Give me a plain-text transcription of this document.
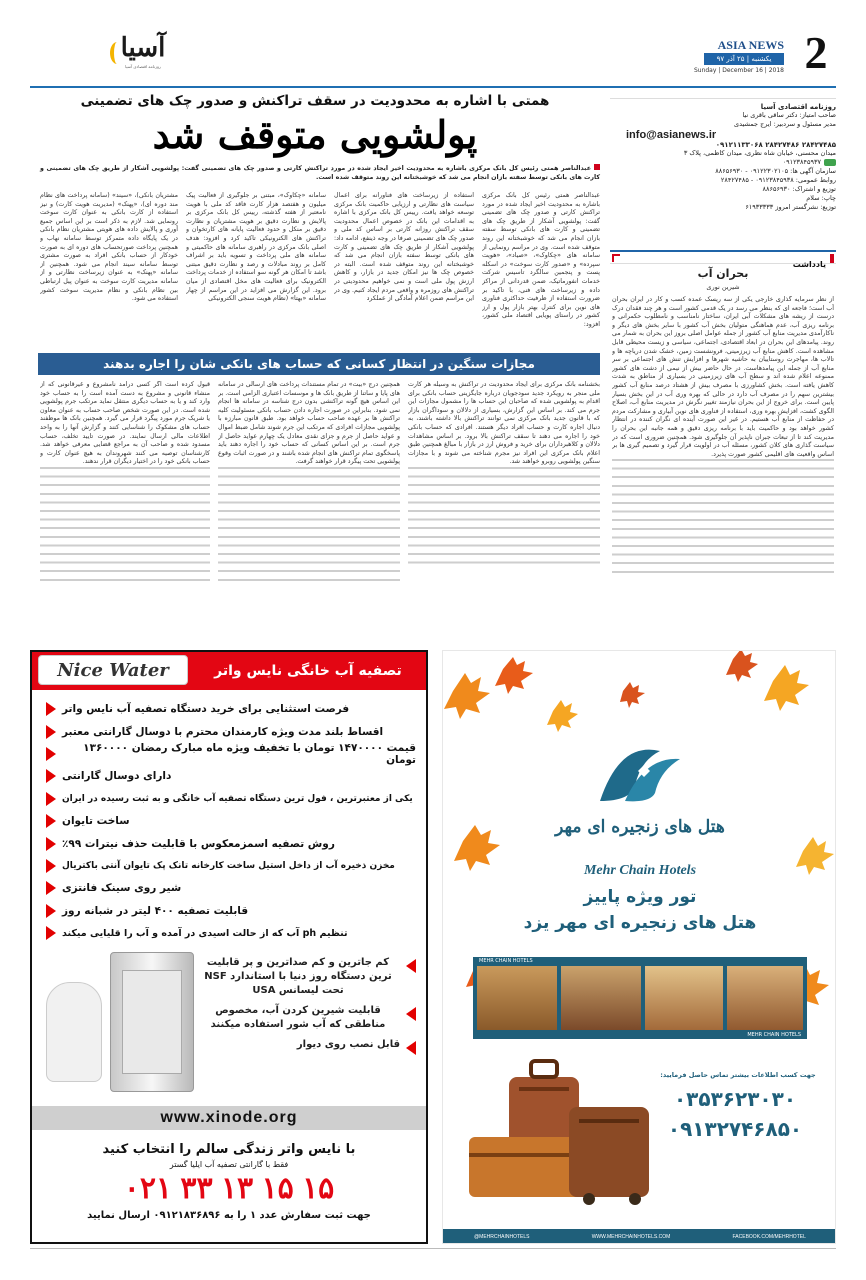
2
ASIA NEWS
یکشنبه | ۲۵ آذر ۹۷
Sunday | December 16 | 2018
آسیا
روزنامه اقتصادی آسیا
همتی با اشاره به محدودیت در سقف تراکنش و صدور چک های تضمینی
پولشویی متوقف شد
عبدالناصر همتی رئیس کل بانک مرکزی باشاره به محدودیت اخیر ایجاد شده در مورد تراکنش کارتی و صدور چک های تضمینی گفت: پولشویی آشکار از طریق چک های تضمینی و کارت های بانکی توسط سفته بازان انجام می شد که خوشبختانه این روند متوقف شده است.
عبدالناصر همتی رئیس کل بانک مرکزی باشاره به محدودیت اخیر ایجاد شده در مورد تراکنش کارتی و صدور چک های تضمینی گفت: پولشویی آشکار از طریق چک های تضمینی و کارت های بانکی توسط سفته بازان انجام می شد که خوشبختانه این روند متوقف شده است. وی در مراسم رونمایی از سامانه های «چکاوک»، «صیاد»، «هویت سپرده» و «صدور کارت سوخت» در اسکله پست و پنجمین سالگرد تاسیس شرکت خدمات انفورماتیک، ضمن قدردانی از مراکز داده و زیرساخت های فنی، با تاکید بر ضرورت استفاده از ظرفیت حداکثری فناوری های نوین برای کنترل بهتر بازار پول و ارز کشور در راستای پویایی اقتصاد ملی کشور، افزود:
استفاده از زیرساخت های فناورانه برای اعمال سیاست های نظارتی و ارزیابی حاکمیت بانک مرکزی توسعه خواهد یافت. رییس کل بانک مرکزی با اشاره به اقدامات این بانک در خصوص اعمال محدودیت سقف تراکنش روزانه کارتی بر اساس کد ملی و صدور چک های تضمینی صرفا در وجه ذینفع، ادامه داد: پولشویی آشکار از طریق چک های تضمینی و کارت های بانکی توسط سفته بازان انجام می شد که خوشبختانه این روند متوقف شده است. البته در خصوص چک ها نیز امکان جدید در بازار، و کاهش ارزش پول ملی است و نمی خواهیم محدودیتی در تراکنش های روزمره و واقعی مردم ایجاد کنیم. وی در این مراسم ضمن اعلام آمادگی از عملکرد
سامانه «چکاوک»، مبتنی بر جلوگیری از فعالیت پیک میلیون و هفتصد هزار کارت فاقد کد ملی با هویت نامعتبر از هفته گذشته، رییس کل بانک مرکزی بر پالایش و نظارت دقیق بر هویت مشتریان و نظارت دقیق بر منکل و حدود فعالیت پایانه های کارتخوان و تراکنش های الکترونیکی تاکید کرد و افزود: هدف اصلی بانک مرکزی در راهبری سامانه های حاکمیتی و سامانه های ملی پرداخت و تسویه باید بر اشراف کامل بر روند مبادلات و رصد و نظارت دقیق مبتنی باشد تا امکان هر گونه سو استفاده از خدمات پرداخت الکترونیک برای فعالیت های مخل اقتصادی از میان برود. این گزارش می افزاید در این مراسم از چهار سامانه «بهتا» (نظام هویت سنجی الکترونیکی
مشتریان بانکی)، «سیند» (سامانه پرداخت های نظام مند دوره ای)، «پهنک» (مدیریت هویت کارت) و نیز استفاده از کارت بانکی به عنوان کارت سوخت رونمایی شد. لازم به ذکر است بر این اساس جمیع آوری و پالایش داده های هویتی مشتریان نظام بانکی در یک پایگاه داده متمرکز توسط سامانه نهاب و همچنین پرداخت صورتحساب های دوره ای به صورت خودکار از حساب بانکی افراد به صورت مشتری توسط سامانه سیند انجام می شود. همچنین از سامانه «پهنک» به عنوان زیرساخت نظارتی و از سامانه مدیریت کارت سوخت به عنوان پیل ارتباطی بین نظام بانکی و نظام مدیریت سوخت کشور استفاده می شود.
روزنامه اقتصادی آسیا
صاحب امتیاز: دکتر ساقی باقری نیا
مدیر مسئول و سردبیر: ایرج جمشیدی
info@asianews.ir
۲۸۴۲۷۴۸۵ ۲۸۴۲۷۴۸۶ ۰۹۱۲۱۱۳۳۰۶۸
میدان محسنی، خیابان شاه نظری، میدان کاظمی، پلاک ۳
۰۹۱۲۳۸۴۵۹۳۷
سازمان آگهی ها: ۰۹۱۲۲۳۰۲۱۰۵ - ۸۸۶۵۶۹۳۰
روابط عمومی: ۰۹۱۲۳۸۴۵۹۳۸ - ۲۸۴۲۷۴۸۵
توزیع و اشتراک: ۸۸۶۵۶۹۳۰
چاپ: سلام
توزیع: نشرگستر امروز ۶۱۹۳۳۳۳۳
یادداشت
بحران آب
شیرین نوری
از نظر سرمایه گذاری خارجی یکی از سه ریسک عمده کسب و کار در ایران بحران آب است؛ فاجعه ای که بنظر می رسد در یک قدمی کشور است و هر چند فقدان درک درست از ریشه های مشکلات آبی ایران، ساختار نامناسب و نامطلوب حکمرانی و برنامه ریزی آب، عدم هماهنگی متولیان بخش آب کشور با سایر بخش های دیگر و ناکارآمدی مدیریت منابع آب کشور از جمله عوامل اصلی بروز این بحران به شمار می روند. پیامدهای این بحران در ابعاد اقتصادی، اجتماعی، سیاسی و زیست محیطی قابل مشاهده است. کاهش منابع آب زیرزمینی، فرونشست زمین، خشک شدن دریاچه ها و تالاب ها، مهاجرت روستاییان به حاشیه شهرها و افزایش تنش های اجتماعی بر سر منابع آب از جمله این پیامدهاست. در حال حاضر بیش از نیمی از دشت های کشور ممنوعه اعلام شده اند و سطح آب های زیرزمینی در بسیاری از مناطق به شدت کاهش یافته است. بخش کشاورزی با مصرف بیش از هشتاد درصد منابع آب کشور بیشترین سهم را در مصرف آب دارد در حالی که بهره وری آب در این بخش بسیار پایین است. برای خروج از این بحران نیازمند تغییر نگرش در مدیریت منابع آب، اصلاح الگوی کشت، افزایش بهره وری، استفاده از فناوری های نوین آبیاری و مشارکت مردم در حفاظت از منابع آب هستیم. در غیر این صورت آینده ای نگران کننده در انتظار کشور خواهد بود و حاکمیت باید با برنامه ریزی دقیق و همه جانبه این بحران را مدیریت کند تا از تبعات جبران ناپذیر آن جلوگیری شود. همچنین ضروری است که در سیاست گذاری های کلان کشور، مسئله آب در اولویت قرار گیرد و تصمیم گیری ها بر اساس واقعیت های اقلیمی کشور صورت پذیرد.
مجازات سنگین در انتظار کسانی که حساب های بانکی شان را اجاره بدهند
بخشنامه بانک مرکزی برای ایجاد محدودیت در تراکنش به وسیله هر کارت ملی منجر به رویکرد جدید سودجویان درباره جایگزینی حساب بانکی برای اقدام به پولشویی شده که صاحبان این حساب ها را مشمول مجازات این جرم می کند. بر اساس این گزارش، بسیاری از دلالان و سوداگران بازار که با قانون جدید بانک مرکزی نمی توانند تراکنش بالا داشته باشند، به دنبال اجاره کارت و حساب افراد دیگر هستند. افرادی که حساب بانکی خود را اجاره می دهند تا سقف تراکنش بالا برود. بر اساس مشاهدات دلالان و کلاهبرداران برای خرید و فروش ارز در بازار با مبالغ همچنین طبق اعلام بانک مرکزی این افراد نیز مجرم شناخته می شوند و با مجازات سنگین پولشویی روبرو خواهند شد.
همچنین درج «بیت» در تمام مستندات پرداخت های ارسالی در سامانه های پایا و ساتنا از طریق بانک ها و موسسات اعتباری الزامی است. بر این اساس هیچ گونه تراکنشی بدون درج شناسه در سامانه ها انجام نمی شود. بنابراین در صورت اجاره دادن حساب بانکی مسئولیت کلیه تراکنش ها بر عهده صاحب حساب خواهد بود. طبق قانون مبارزه با پولشویی مجازات افرادی که مرتکب این جرم شوند شامل ضبط اموال و عواید حاصل از جرم و جزای نقدی معادل یک چهارم عواید حاصل از جرم است. بر این اساس کسانی که حساب خود را اجاره دهند باید پاسخگوی تمام تراکنش های انجام شده باشند و در صورت اثبات وقوع پولشویی تحت پیگرد قرار خواهند گرفت.
قبول کرده است اگر کسی درآمد نامشروع و غیرقانونی که از منشاء قانونی و مشروع به دست آمده است را به حساب خود وارد کند و یا به حساب دیگری منتقل نماید مرتکب جرم پولشویی شده است. در این صورت شخص صاحب حساب به عنوان معاون یا شریک جرم مورد پیگرد قرار می گیرد. همچنین بانک ها موظفند حساب های مشکوک را شناسایی کنند و گزارش آنها را به واحد اطلاعات مالی ارسال نمایند. در صورت تایید تخلف، حساب مسدود شده و صاحب آن به مراجع قضایی معرفی خواهد شد. کارشناسان توصیه می کنند شهروندان به هیچ عنوان کارت و حساب بانکی خود را در اختیار دیگران قرار ندهند.
هتل های زنجیره ای مهر
Mehr Chain Hotels
تور ویژه پاییز
هتل های زنجیره ای مهر یزد
MEHR CHAIN HOTELS
MEHR CHAIN HOTELS
جهت کسب اطلاعات بیشتر تماس حاصل فرمایید:
۰۳۵۳۶۲۳۰۳۰
۰۹۱۳۲۷۴۶۸۵۰
@MEHRCHAINHOTELS	WWW.MEHRCHAINHOTELS.COM	FACEBOOK.COM/MEHRHOTEL
Nice Water	تصفیه آب خانگی نایس واتر
فرصت استثنایی برای خرید دستگاه تصفیه آب نایس واتر
اقساط بلند مدت ویژه کارمندان محترم با دوسال گارانتی معتبر
قیمت ۱۴۷۰۰۰۰ تومان با تخفیف ویژه ماه مبارک رمضان ۱۳۶۰۰۰۰ تومان
دارای دوسال گارانتی
یکی از معتبرترین ، فول ترین دستگاه تصفیه آب خانگی و به ثبت رسیده در ایران
ساخت تایوان
روش تصفیه اسمزمعکوس با قابلیت حذف نیترات ۹۹٪
مخزن ذخیره آب از داخل استیل ساخت کارخانه تانک پک تایوان آنتی باکتریال
شیر روی سینک فانتزی
قابلیت تصفیه ۴۰۰ لیتر در شبانه روز
تنظیم ph آب که از حالت اسیدی در آمده و آب را قلیایی میکند
کم جاترین و کم صداترین و پر قابلیت ترین دستگاه روز دنیا با استاندارد NSF تحت لیسانس USA
قابلیت شیرین کردن آب، مخصوص مناطقی که آب شور استفاده میکنند
قابل نصب روی دیوار
www.xinode.org
با نایس واتر زندگی سالم را انتخاب کنید
فقط با گارانتی تصفیه آب ایلیا گستر
۰۲۱ ۳۳ ۱۳ ۱۵ ۱۵
جهت ثبت سفارش عدد ۱ را به ۰۹۱۲۱۸۳۶۸۹۶ ارسال نمایید
